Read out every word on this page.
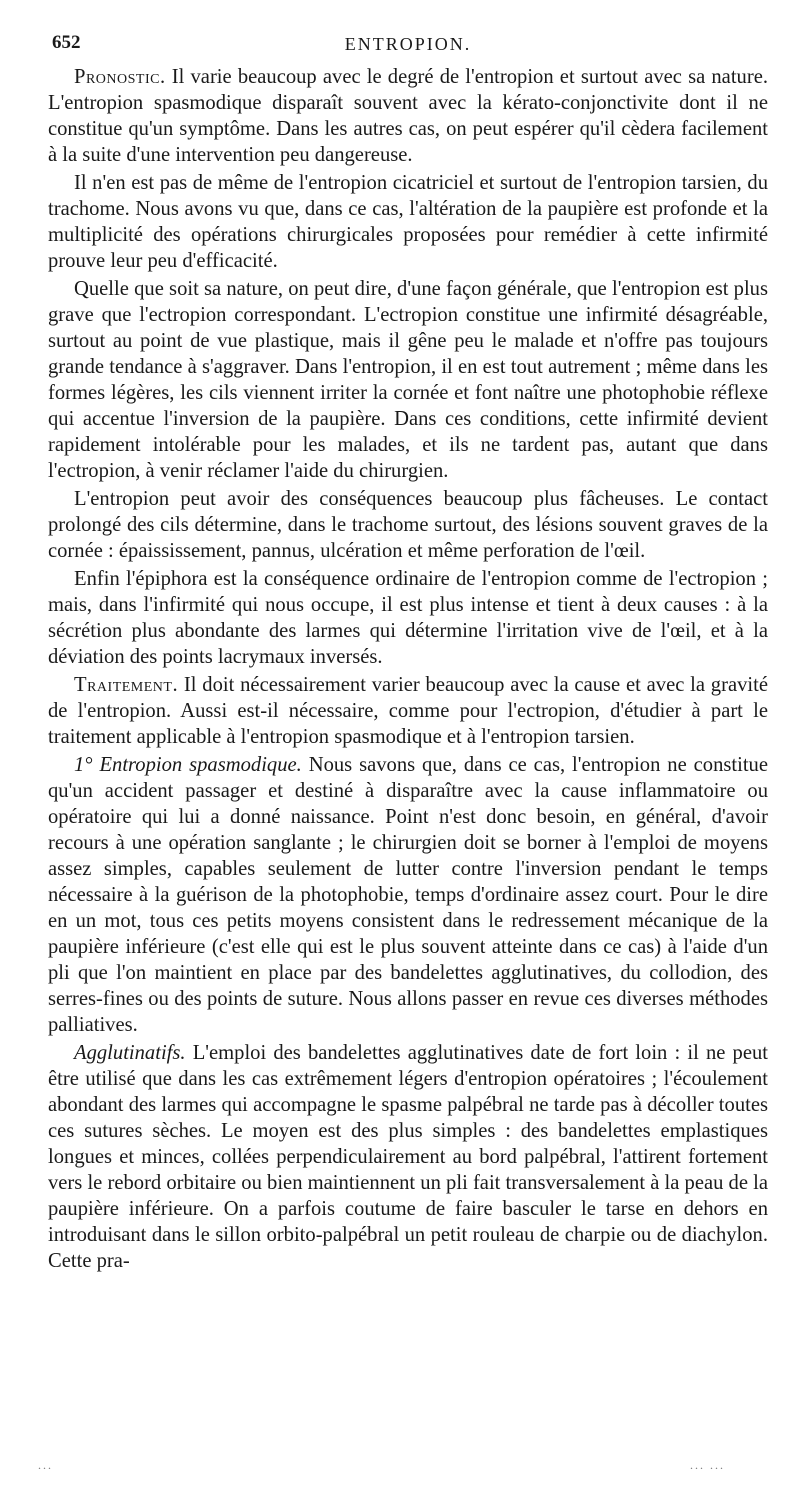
652	ENTROPION.

Pronostic. Il varie beaucoup avec le degré de l'entropion et surtout avec sa nature. L'entropion spasmodique disparaît souvent avec la kérato-conjonctivite dont il ne constitue qu'un symptôme. Dans les autres cas, on peut espérer qu'il cèdera facilement à la suite d'une intervention peu dangereuse.

Il n'en est pas de même de l'entropion cicatriciel et surtout de l'entropion tarsien, du trachome. Nous avons vu que, dans ce cas, l'altération de la paupière est profonde et la multiplicité des opérations chirurgicales proposées pour remédier à cette infirmité prouve leur peu d'efficacité.

Quelle que soit sa nature, on peut dire, d'une façon générale, que l'entropion est plus grave que l'ectropion correspondant. L'ectropion constitue une infirmité désagréable, surtout au point de vue plastique, mais il gêne peu le malade et n'offre pas toujours grande tendance à s'aggraver. Dans l'entropion, il en est tout autrement ; même dans les formes légères, les cils viennent irriter la cornée et font naître une photophobie réflexe qui accentue l'inversion de la paupière. Dans ces conditions, cette infirmité devient rapidement intolérable pour les malades, et ils ne tardent pas, autant que dans l'ectropion, à venir réclamer l'aide du chirurgien.

L'entropion peut avoir des conséquences beaucoup plus fâcheuses. Le contact prolongé des cils détermine, dans le trachome surtout, des lésions souvent graves de la cornée : épaississement, pannus, ulcération et même perforation de l'œil.

Enfin l'épiphora est la conséquence ordinaire de l'entropion comme de l'ectropion ; mais, dans l'infirmité qui nous occupe, il est plus intense et tient à deux causes : à la sécrétion plus abondante des larmes qui détermine l'irritation vive de l'œil, et à la déviation des points lacrymaux inversés.

Traitement. Il doit nécessairement varier beaucoup avec la cause et avec la gravité de l'entropion. Aussi est-il nécessaire, comme pour l'ectropion, d'étudier à part le traitement applicable à l'entropion spasmodique et à l'entropion tarsien.

1° Entropion spasmodique. Nous savons que, dans ce cas, l'entropion ne constitue qu'un accident passager et destiné à disparaître avec la cause inflammatoire ou opératoire qui lui a donné naissance. Point n'est donc besoin, en général, d'avoir recours à une opération sanglante ; le chirurgien doit se borner à l'emploi de moyens assez simples, capables seulement de lutter contre l'inversion pendant le temps nécessaire à la guérison de la photophobie, temps d'ordinaire assez court. Pour le dire en un mot, tous ces petits moyens consistent dans le redressement mécanique de la paupière inférieure (c'est elle qui est le plus souvent atteinte dans ce cas) à l'aide d'un pli que l'on maintient en place par des bandelettes agglutinatives, du collodion, des serres-fines ou des points de suture. Nous allons passer en revue ces diverses méthodes palliatives.

Agglutinatifs. L'emploi des bandelettes agglutinatives date de fort loin : il ne peut être utilisé que dans les cas extrêmement légers d'entropion opératoires ; l'écoulement abondant des larmes qui accompagne le spasme palpébral ne tarde pas à décoller toutes ces sutures sèches. Le moyen est des plus simples : des bandelettes emplastiques longues et minces, collées perpendiculairement au bord palpébral, l'attirent fortement vers le rebord orbitaire ou bien maintiennent un pli fait transversalement à la peau de la paupière inférieure. On a parfois coutume de faire basculer le tarse en dehors en introduisant dans le sillon orbito-palpébral un petit rouleau de charpie ou de diachylon. Cette pra-

...	... ...
